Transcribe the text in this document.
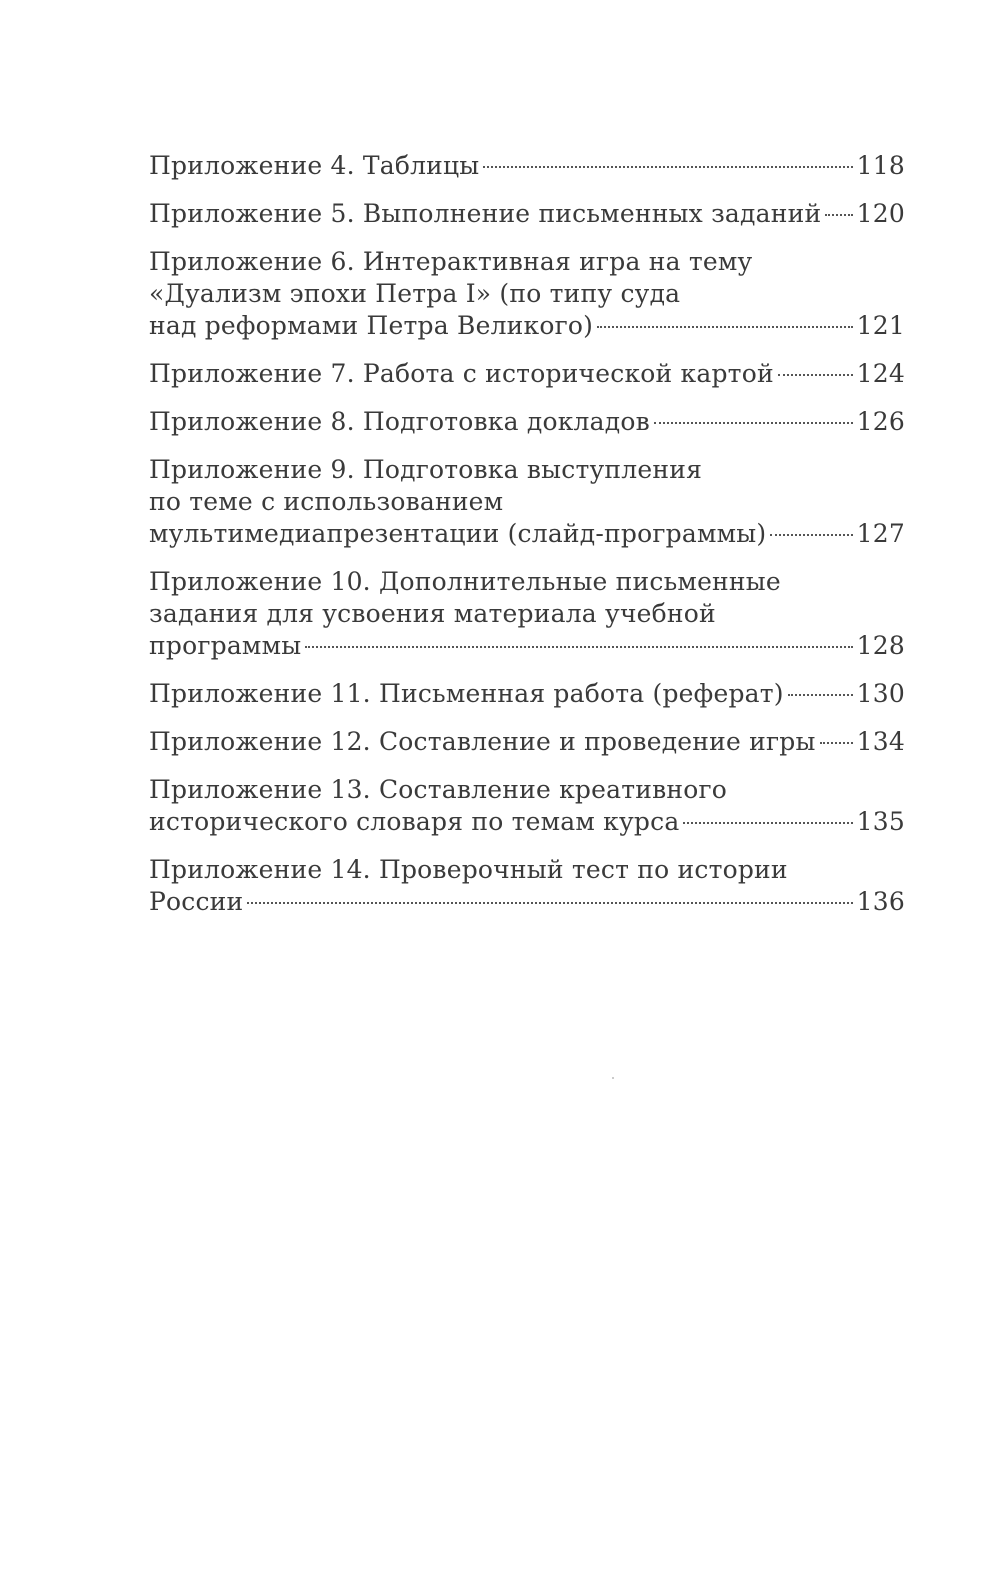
Приложение 4. Таблицы	118
Приложение 5. Выполнение письменных заданий 120
Приложение 6. Интерактивная игра на тему
«Дуализм эпохи Петра I» (по типу суда
над реформами Петра Великого)	121
Приложение 7. Работа с исторической картой	124
Приложение 8. Подготовка докладов	126
Приложение 9. Подготовка выступления
по теме с использованием
мультимедиапрезентации (слайд-программы)	127
Приложение 10. Дополнительные письменные
задания для усвоения материала учебной
программы	128
Приложение 11. Письменная работа (реферат)	130
Приложение 12. Составление и проведение игры 134
Приложение 13. Составление креативного
исторического словаря по темам курса	135
Приложение 14. Проверочный тест по истории
России	136
